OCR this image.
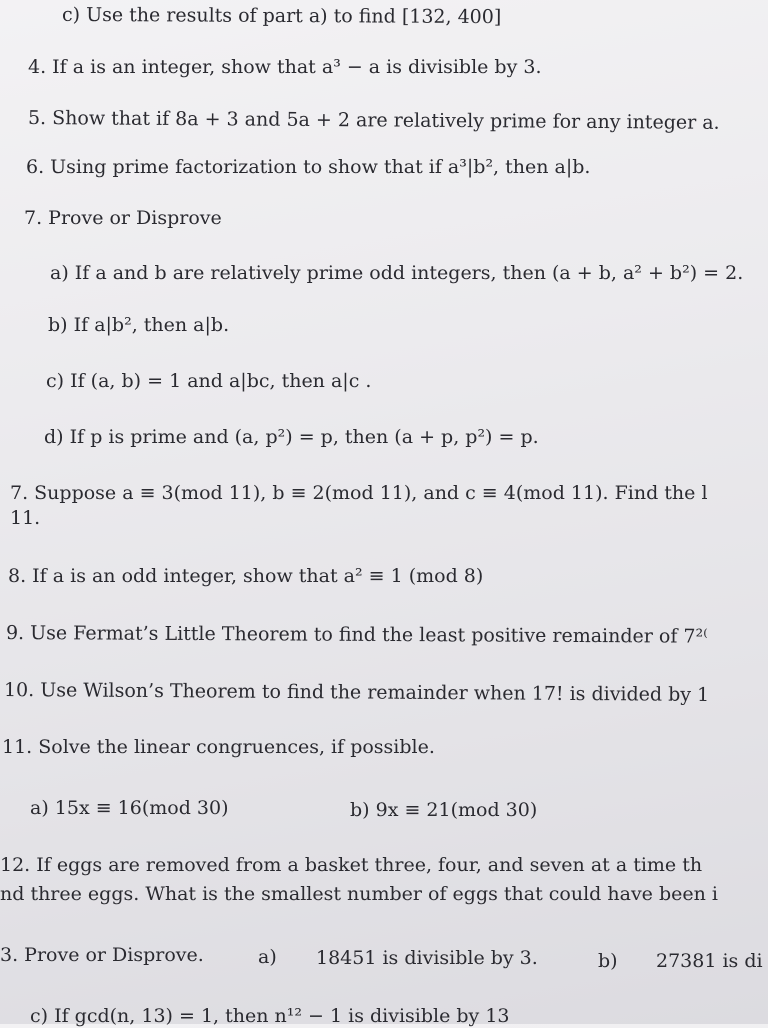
c) Use the results of part a) to find [132, 400]
4. If a is an integer, show that a³ − a is divisible by 3.
5. Show that if 8a + 3 and 5a + 2 are relatively prime for any integer a.
6. Using prime factorization to show that if a³|b², then a|b.
7. Prove or Disprove
a) If a and b are relatively prime odd integers, then (a + b, a² + b²) = 2.
b) If a|b², then a|b.
c) If (a, b) = 1 and a|bc, then a|c .
d) If p is prime and (a, p²) = p, then (a + p, p²) = p.
7. Suppose a ≡ 3(mod 11), b ≡ 2(mod 11), and c ≡ 4(mod 11). Find the l
11.
8. If a is an odd integer, show that a² ≡ 1 (mod 8)
9. Use Fermat’s Little Theorem to find the least positive remainder of 7²⁽
10. Use Wilson’s Theorem to find the remainder when 17! is divided by 1
11. Solve the linear congruences, if possible.
a) 15x ≡ 16(mod 30)	b) 9x ≡ 21(mod 30)
12. If eggs are removed from a basket three, four, and seven at a time th
nd three eggs. What is the smallest number of eggs that could have been i
3. Prove or Disprove.	a) 18451 is divisible by 3.	b) 27381 is di
c) If gcd(n, 13) = 1, then n¹² − 1 is divisible by 13
